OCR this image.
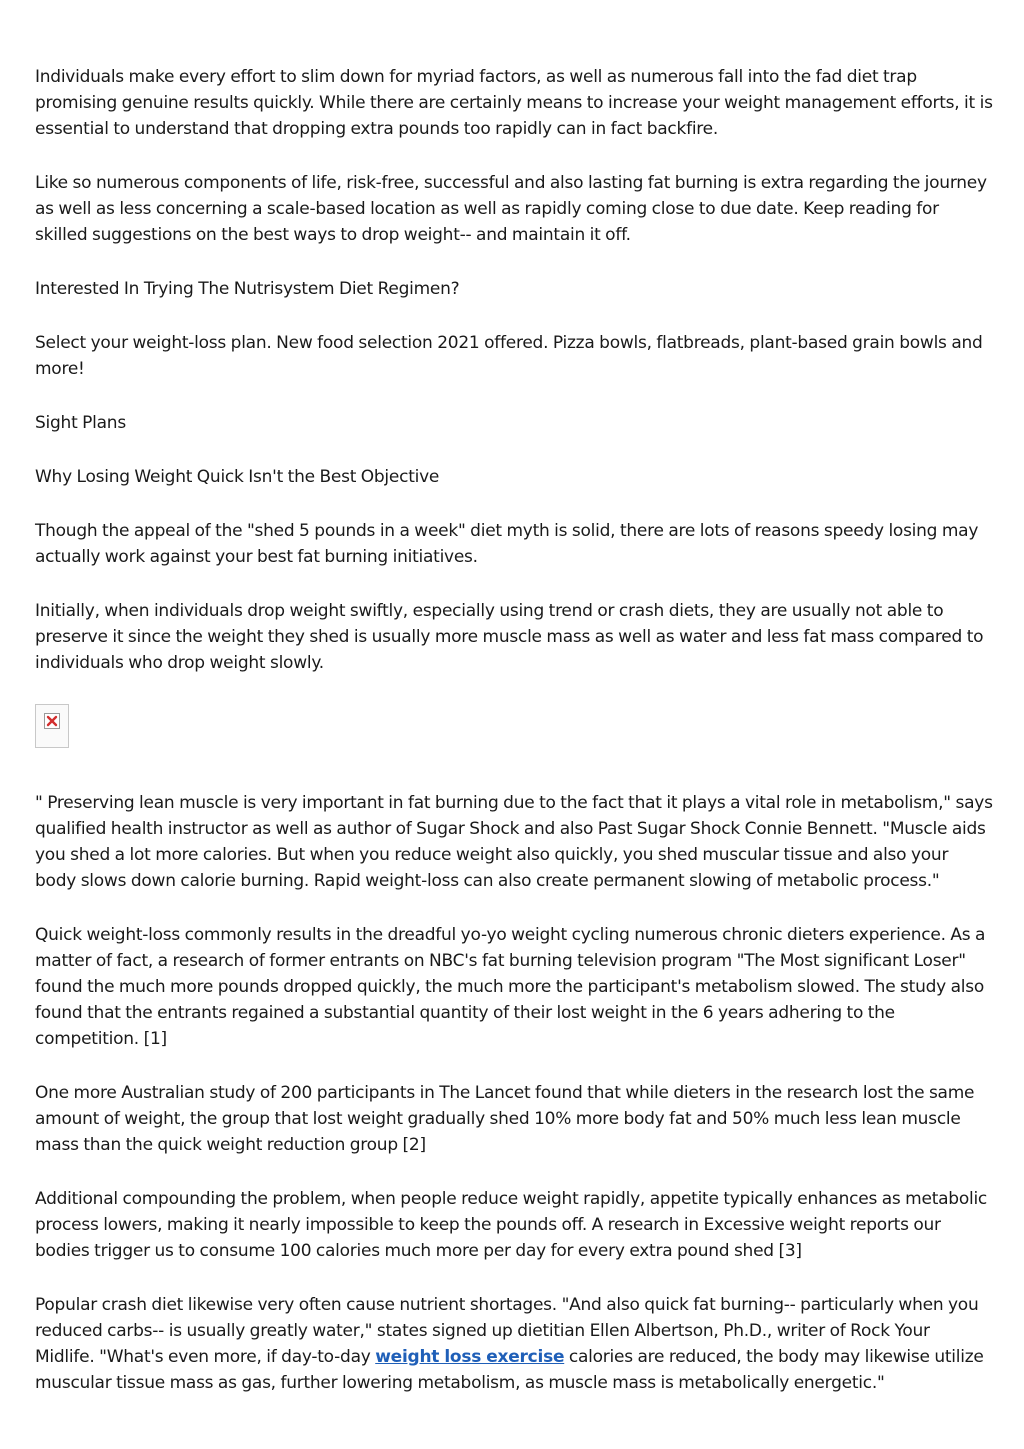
Individuals make every effort to slim down for myriad factors, as well as numerous fall into the fad diet trap promising genuine results quickly. While there are certainly means to increase your weight management efforts, it is essential to understand that dropping extra pounds too rapidly can in fact backfire.

Like so numerous components of life, risk-free, successful and also lasting fat burning is extra regarding the journey as well as less concerning a scale-based location as well as rapidly coming close to due date. Keep reading for skilled suggestions on the best ways to drop weight-- and maintain it off.

Interested In Trying The Nutrisystem Diet Regimen?

Select your weight-loss plan. New food selection 2021 offered. Pizza bowls, flatbreads, plant-based grain bowls and more!

Sight Plans

Why Losing Weight Quick Isn't the Best Objective

Though the appeal of the "shed 5 pounds in a week" diet myth is solid, there are lots of reasons speedy losing may actually work against your best fat burning initiatives.

Initially, when individuals drop weight swiftly, especially using trend or crash diets, they are usually not able to preserve it since the weight they shed is usually more muscle mass as well as water and less fat mass compared to individuals who drop weight slowly.

" Preserving lean muscle is very important in fat burning due to the fact that it plays a vital role in metabolism," says qualified health instructor as well as author of Sugar Shock and also Past Sugar Shock Connie Bennett. "Muscle aids you shed a lot more calories. But when you reduce weight also quickly, you shed muscular tissue and also your body slows down calorie burning. Rapid weight-loss can also create permanent slowing of metabolic process."

Quick weight-loss commonly results in the dreadful yo-yo weight cycling numerous chronic dieters experience. As a matter of fact, a research of former entrants on NBC's fat burning television program "The Most significant Loser" found the much more pounds dropped quickly, the much more the participant's metabolism slowed. The study also found that the entrants regained a substantial quantity of their lost weight in the 6 years adhering to the competition. [1]

One more Australian study of 200 participants in The Lancet found that while dieters in the research lost the same amount of weight, the group that lost weight gradually shed 10% more body fat and 50% much less lean muscle mass than the quick weight reduction group [2]

Additional compounding the problem, when people reduce weight rapidly, appetite typically enhances as metabolic process lowers, making it nearly impossible to keep the pounds off. A research in Excessive weight reports our bodies trigger us to consume 100 calories much more per day for every extra pound shed [3]

Popular crash diet likewise very often cause nutrient shortages. "And also quick fat burning-- particularly when you reduced carbs-- is usually greatly water," states signed up dietitian Ellen Albertson, Ph.D., writer of Rock Your Midlife. "What's even more, if day-to-day weight loss exercise calories are reduced, the body may likewise utilize muscular tissue mass as gas, further lowering metabolism, as muscle mass is metabolically energetic."
